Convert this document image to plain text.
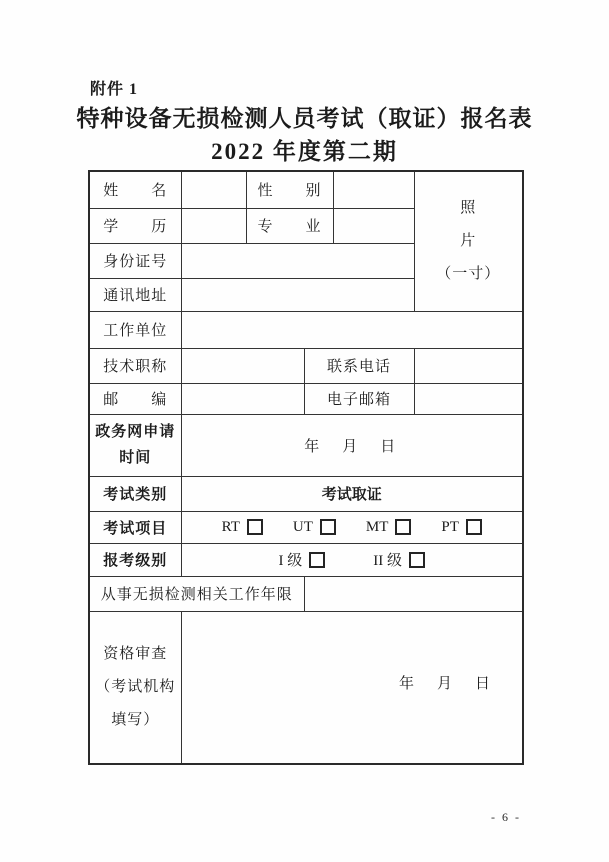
附件 1
特种设备无损检测人员考试（取证）报名表
2022 年度第二期
姓　　名		性　　别			照
片
（一寸）

学　　历		专　　业			
身份证号					
通讯地址					
工作单位					
技术职称			联系电话		
邮　　编			电子邮箱		

政务网申请
时间	年　月　日				
考试类别	考试取证				
考试项目	RT UT MT PT				

报考级别	I 级 II 级				

从事无损检测相关工作年限					

资格审查
（考试机构
填写）	年　月　日				
- 6 -
